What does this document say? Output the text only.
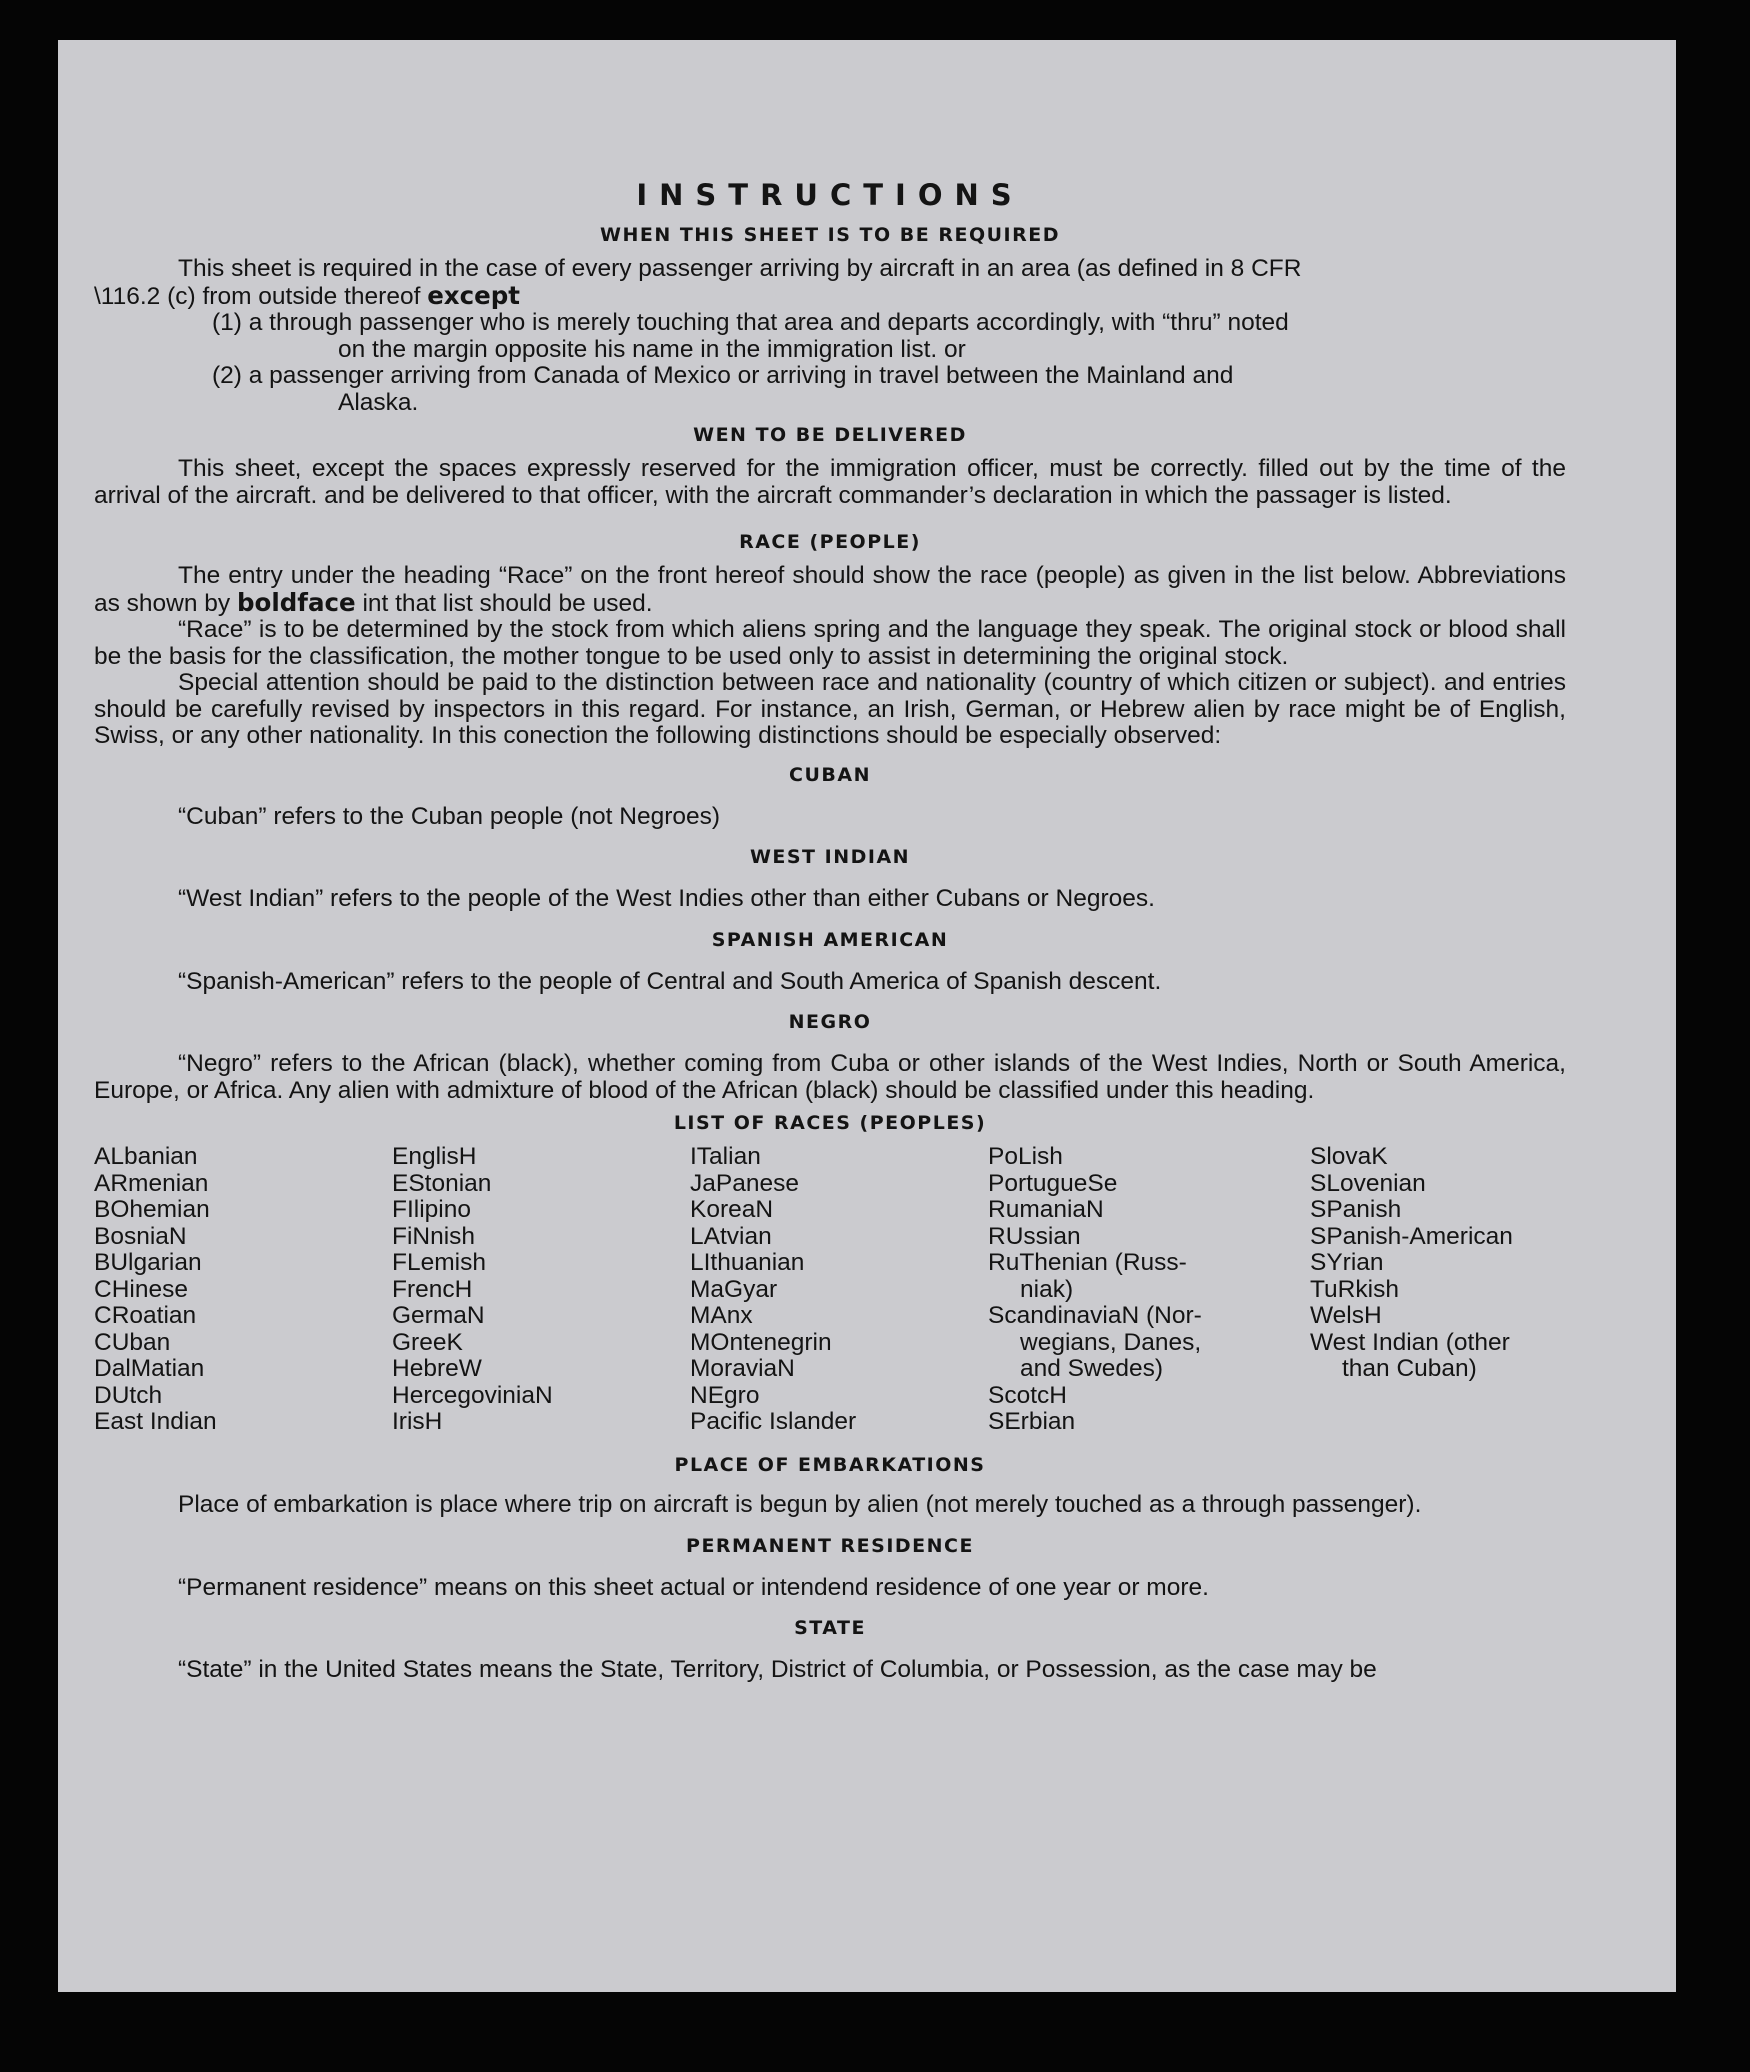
INSTRUCTIONS
WHEN THIS SHEET IS TO BE REQUIRED

This sheet is required in the case of every passenger arriving by aircraft in an area (as defined in 8 CFR

\116.2 (c) from outside thereof except

(1) a through passenger who is merely touching that area and departs accordingly, with “thru” noted

on the margin opposite his name in the immigration list. or

(2) a passenger arriving from Canada of Mexico or arriving in travel between the Mainland and

Alaska.

WEN TO BE DELIVERED

This sheet, except the spaces expressly reserved for the immigration officer, must be correctly. filled out by the time of the arrival of the aircraft. and be delivered to that officer, with the aircraft commander’s declaration in which the passager is listed.

RACE (PEOPLE)

The entry under the heading “Race” on the front hereof should show the race (people) as given in the list below. Abbreviations as shown by boldface int that list should be used.

“Race” is to be determined by the stock from which aliens spring and the language they speak. The original stock or blood shall be the basis for the classification, the mother tongue to be used only to assist in determining the original stock.

Special attention should be paid to the distinction between race and nationality (country of which citizen or subject). and entries should be carefully revised by inspectors in this regard. For instance, an Irish, German, or Hebrew alien by race might be of English, Swiss, or any other nationality. In this conection the following distinctions should be especially observed:

CUBAN

“Cuban” refers to the Cuban people (not Negroes)

WEST INDIAN

“West Indian” refers to the people of the West Indies other than either Cubans or Negroes.

SPANISH AMERICAN

“Spanish-American” refers to the people of Central and South America of Spanish descent.

NEGRO

“Negro” refers to the African (black), whether coming from Cuba or other islands of the West Indies, North or South America, Europe, or Africa. Any alien with admixture of blood of the African (black) should be classified under this heading.

LIST OF RACES (PEOPLES)
ALbanian
ARmenian
BOhemian
BosniaN
BUlgarian
CHinese
CRoatian
CUban
DalMatian
DUtch
East Indian
EnglisH
EStonian
FIlipino
FiNnish
FLemish
FrencH
GermaN
GreeK
HebreW
HercegoviniaN
IrisH
ITalian
JaPanese
KoreaN
LAtvian
LIthuanian
MaGyar
MAnx
MOntenegrin
MoraviaN
NEgro
Pacific Islander
PoLish
PortugueSe
RumaniaN
RUssian
RuThenian (Russ-
niak)
ScandinaviaN (Nor-
wegians, Danes,
and Swedes)
ScotcH
SErbian
SlovaK
SLovenian
SPanish
SPanish-American
SYrian
TuRkish
WelsH
West Indian (other
than Cuban)
PLACE OF EMBARKATIONS

Place of embarkation is place where trip on aircraft is begun by alien (not merely touched as a through passenger).

PERMANENT RESIDENCE

“Permanent residence” means on this sheet actual or intendend residence of one year or more.

STATE

“State” in the United States means the State, Territory, District of Columbia, or Possession, as the case may be
